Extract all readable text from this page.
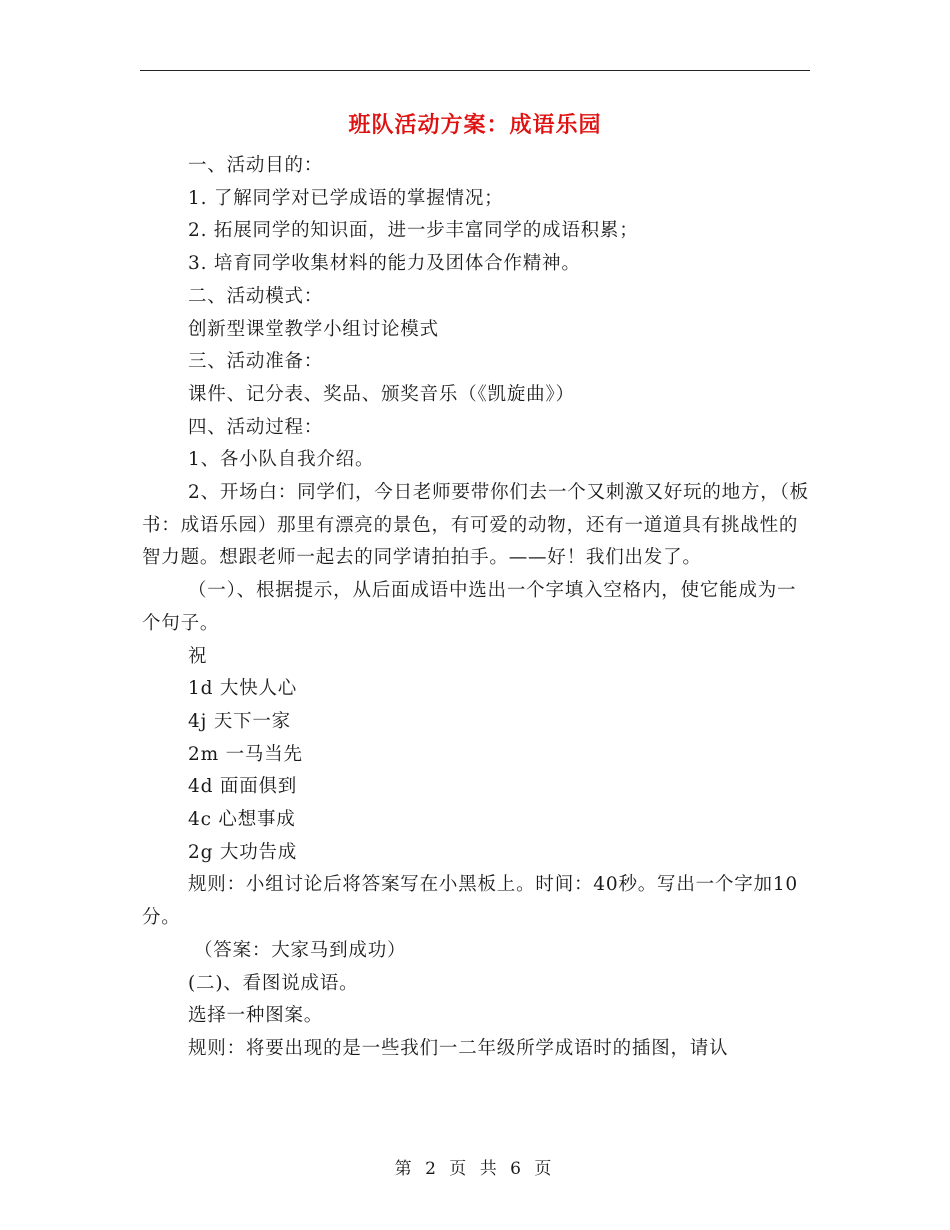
班队活动方案：成语乐园

一、活动目的：

1. 了解同学对已学成语的掌握情况；

2. 拓展同学的知识面，进一步丰富同学的成语积累；

3. 培育同学收集材料的能力及团体合作精神。

二、活动模式：

创新型课堂教学小组讨论模式

三、活动准备：

课件、记分表、奖品、颁奖音乐（《凯旋曲》）

四、活动过程：

1、各小队自我介绍。

2、开场白：同学们，今日老师要带你们去一个又刺激又好玩的地方，（板书：成语乐园）那里有漂亮的景色，有可爱的动物，还有一道道具有挑战性的智力题。想跟老师一起去的同学请拍拍手。——好！我们出发了。

（一）、根据提示，从后面成语中选出一个字填入空格内，使它能成为一个句子。

祝

1d 大快人心

4j 天下一家

2m 一马当先

4d 面面俱到

4c 心想事成

2g 大功告成

规则：小组讨论后将答案写在小黑板上。时间：40秒。写出一个字加10分。

（答案：大家马到成功）

(二)、看图说成语。

选择一种图案。

规则：将要出现的是一些我们一二年级所学成语时的插图，请认

第 2 页 共 6 页
